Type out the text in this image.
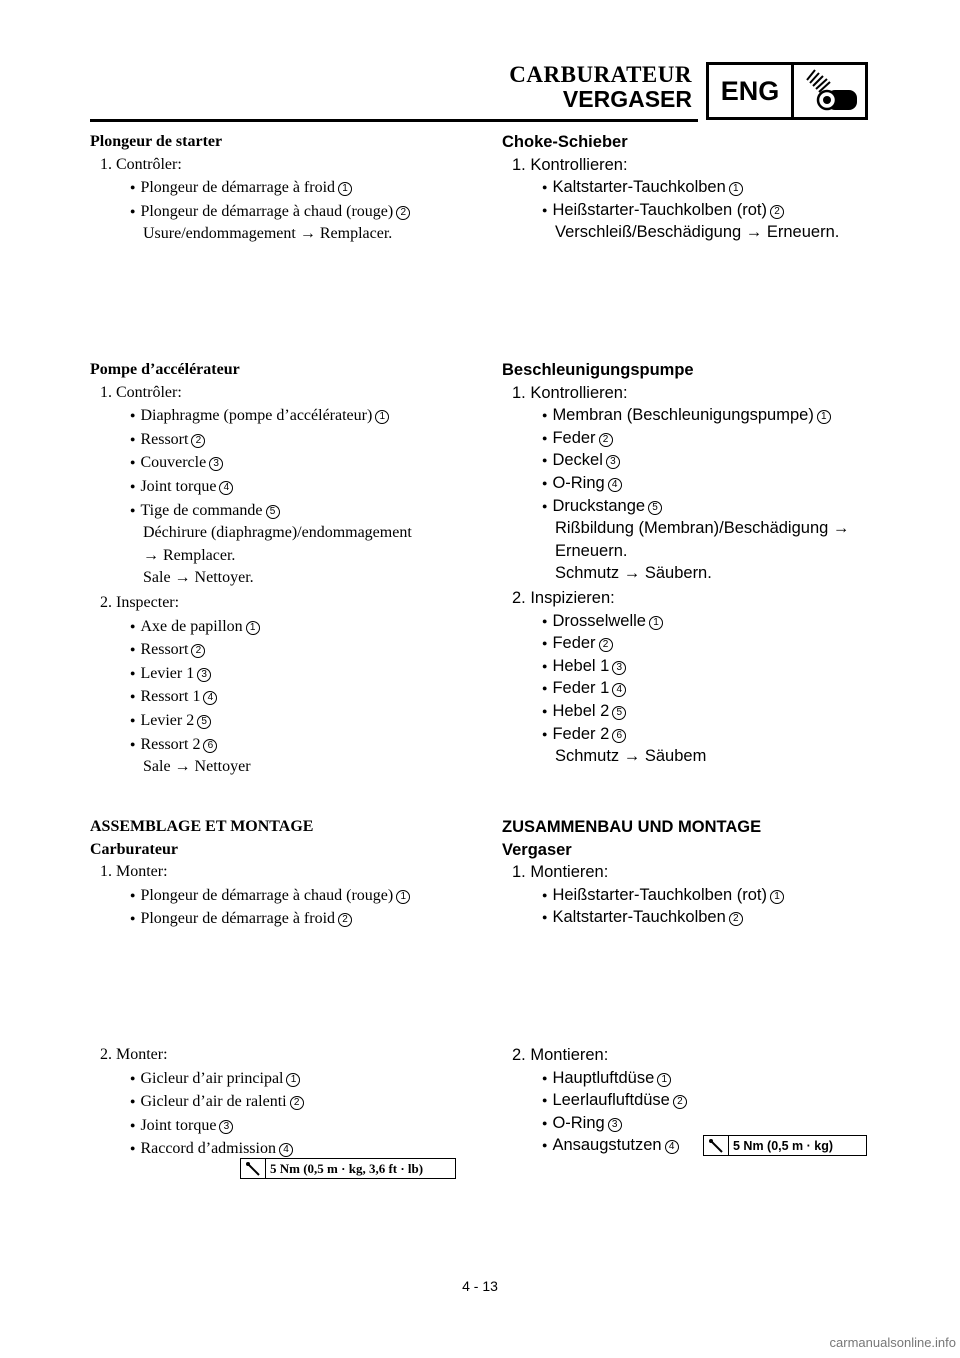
CARBURATEUR
VERGASER	ENG
Plongeur de starter
1. Contrôler:
● Plongeur de démarrage à froid 1
● Plongeur de démarrage à chaud (rouge) 2
Usure/endommagement → Remplacer.
Pompe d’accélérateur
1. Contrôler:
● Diaphragme (pompe d’accélérateur) 1
● Ressort 2
● Couvercle 3
● Joint torque 4
● Tige de commande 5
Déchirure (diaphragme)/endommagement
→ Remplacer.
Sale → Nettoyer.
2. Inspecter:
● Axe de papillon 1
● Ressort 2
● Levier 1 3
● Ressort 1 4
● Levier 2 5
● Ressort 2 6
Sale → Nettoyer
ASSEMBLAGE ET MONTAGE
Carburateur
1. Monter:
● Plongeur de démarrage à chaud (rouge) 1
● Plongeur de démarrage à froid 2
2. Monter:
● Gicleur d’air principal 1
● Gicleur d’air de ralenti 2
● Joint torque 3
● Raccord d’admission 4
5 Nm (0,5 m · kg, 3,6 ft · lb)
Choke-Schieber
1. Kontrollieren:
● Kaltstarter-Tauchkolben 1
● Heißstarter-Tauchkolben (rot) 2
Verschleiß/Beschädigung → Erneuern.
Beschleunigungspumpe
1. Kontrollieren:
● Membran (Beschleunigungspumpe) 1
● Feder 2
● Deckel 3
● O-Ring 4
● Druckstange 5
Rißbildung (Membran)/Beschädigung →
Erneuern.
Schmutz → Säubern.
2. Inspizieren:
● Drosselwelle 1
● Feder 2
● Hebel 1 3
● Feder 1 4
● Hebel 2 5
● Feder 2 6
Schmutz → Säubem
ZUSAMMENBAU UND MONTAGE
Vergaser
1. Montieren:
● Heißstarter-Tauchkolben (rot) 1
● Kaltstarter-Tauchkolben 2
2. Montieren:
● Hauptluftdüse 1
● Leerlaufluftdüse 2
● O-Ring 3
● Ansaugstutzen 4	5 Nm (0,5 m · kg)
4 - 13
carmanualsonline.info
